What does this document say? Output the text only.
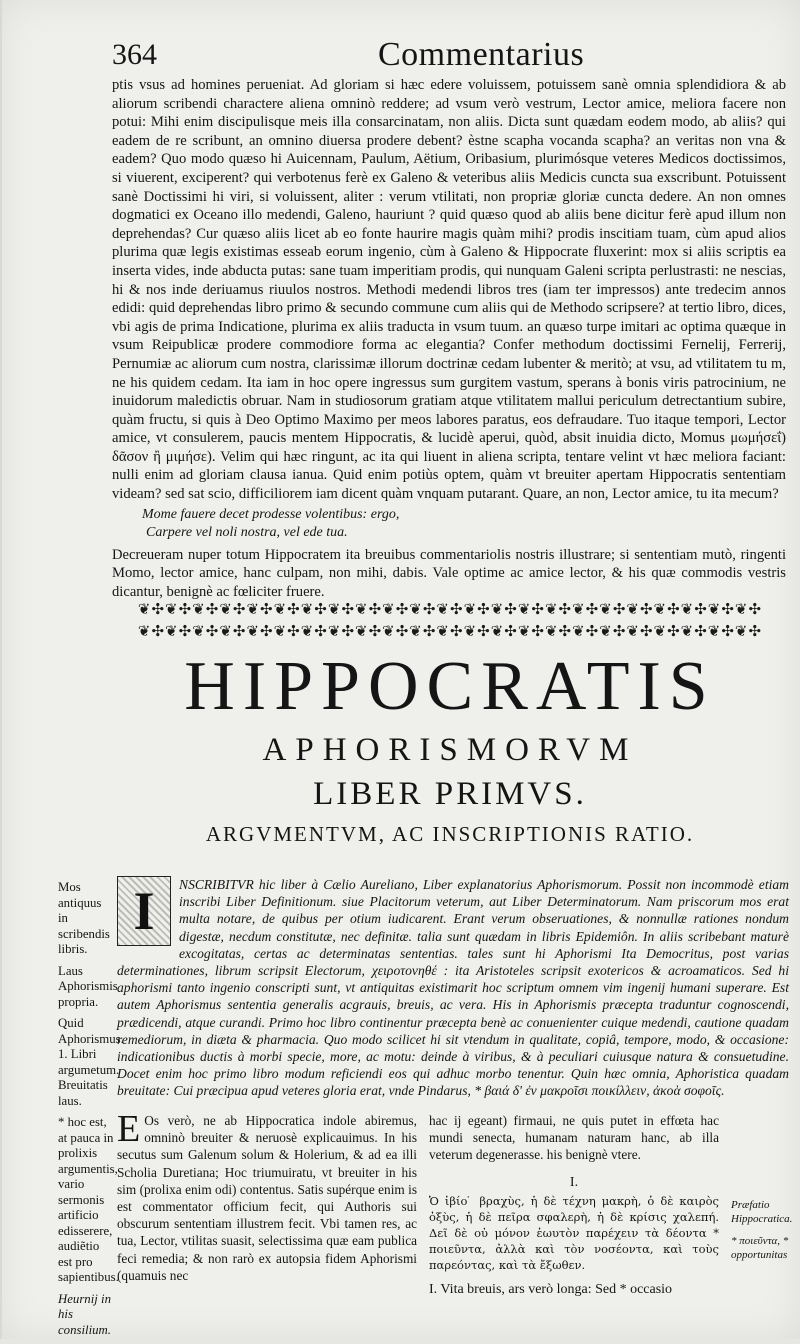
364	Commentarius

ptis vsus ad homines perueniat. Ad gloriam si hæc edere voluissem, potuissem sanè omnia splendidiora & ab aliorum scribendi charactere aliena omninò reddere; ad vsum verò vestrum, Lector amice, meliora facere non potui: Mihi enim discipulisque meis illa consarcinatam, non aliis. Dicta sunt quædam eodem modo, ab aliis? qui eadem de re scribunt, an omnino diuersa prodere debent? èstne scapha vocanda scapha? an veritas non vna & eadem? Quo modo quæso hi Auicennam, Paulum, Aëtium, Oribasium, plurimósque veteres Medicos doctissimos, si viuerent, exciperent? qui verbotenus ferè ex Galeno & veteribus aliis Medicis cuncta sua exscribunt. Potuissent sanè Doctissimi hi viri, si voluissent, aliter : verum vtilitati, non propriæ gloriæ cuncta dedere. An non omnes dogmatici ex Oceano illo medendi, Galeno, hauriunt ? quid quæso quod ab aliis bene dicitur ferè apud illum non deprehendas? Cur quæso aliis licet ab eo fonte haurire magis quàm mihi? prodis inscitiam tuam, cùm apud alios plurima quæ legis existimas esseab eorum ingenio, cùm à Galeno & Hippocrate fluxerint: mox si aliis scriptis ea inserta vides, inde abducta putas: sane tuam imperitiam prodis, qui nunquam Galeni scripta perlustrasti: ne nescias, hi & nos inde deriuamus riuulos nostros. Methodi medendi libros tres (iam ter impressos) ante tredecim annos edidi: quid deprehendas libro primo & secundo commune cum aliis qui de Methodo scripsere? at tertio libro, dices, vbi agis de prima Indicatione, plurima ex aliis traducta in vsum tuum. an quæso turpe imitari ac optima quæque in vsum Reipublicæ prodere commodiore forma ac elegantia? Confer methodum doctissimi Fernelij, Ferrerij, Pernumiæ ac aliorum cum nostra, clarissimæ illorum doctrinæ cedam lubenter & meritò; at vsu, ad vtilitatem tu m, ne his quidem cedam. Ita iam in hoc opere ingressus sum gurgitem vastum, sperans à bonis viris patrocinium, ne inuidorum maledictis obruar. Nam in studiosorum gratiam atque vtilitatem mallui periculum detrectantium subire, quàm fructu, si quis à Deo Optimo Maximo per meos labores paratus, eos defraudare. Tuo itaque tempori, Lector amice, vt consulerem, paucis mentem Hippocratis, & lucidè aperui, quòd, absit inuidia dicto, Momus μωμήσεΐ) δᾶσον ἢ μιμήσε). Velim qui hæc ringunt, ac ita qui liuent in aliena scripta, tentare velint vt hæc meliora faciant: nulli enim ad gloriam clausa ianua. Quid enim potiùs optem, quàm vt breuiter apertam Hippocratis sententiam videam? sed sat scio, difficiliorem iam dicent quàm vnquam putarant. Quare, an non, Lector amice, tu ita mecum?

Mome fauere decet prodesse volentibus: ergo,
Carpere vel noli nostra, vel ede tua.

Decreueram nuper totum Hippocratem ita breuibus commentariolis nostris illustrare; si sententiam mutò, ringenti Momo, lector amice, hanc culpam, non mihi, dabis. Vale optime ac amice lector, & his quæ commodis vestris dicantur, benignè ac fœliciter fruere.

❦✣❦✣❦✣❦✣❦✣❦✣❦✣❦✣❦✣❦✣❦✣❦✣❦✣❦✣❦✣❦✣❦✣❦✣❦✣❦✣❦✣❦✣❦✣
❦✣❦✣❦✣❦✣❦✣❦✣❦✣❦✣❦✣❦✣❦✣❦✣❦✣❦✣❦✣❦✣❦✣❦✣❦✣❦✣❦✣❦✣❦✣
HIPPOCRATIS
APHORISMORVM
LIBER PRIMVS.
ARGVMENTVM, AC INSCRIPTIONIS RATIO.
Mos antiquus in scribendis libris.
Laus Aphorismis propria.
Quid Aphorismus. 1. Libri argumetum. Breuitatis laus.
* hoc est, at pauca in prolixis argumentis, vario sermonis artificio edisserere, audiẽtio est pro sapientibus.
Heurnij in his consilium.
I	NSCRIBITVR hic liber à Cælio Aureliano, Liber explanatorius Aphorismorum. Possit non incommodè etiam inscribi Liber Definitionum. siue Placitorum veterum, aut Liber Determinatorum. Nam priscorum mos erat multa notare, de quibus per otium iudicarent. Erant verum obseruationes, & nonnullæ rationes nondum digestæ, necdum constitutæ, nec definitæ. talia sunt quædam in libris Epidemiôn. In aliis scribebant maturè excogitatas, certas ac determinatas sententias. tales sunt hi Aphorismi Ita Democritus, post varias determinationes, librum scripsit Electorum, χειροτονηθέ : ita Aristoteles scripsit exotericos & acroamaticos. Sed hi aphorismi tanto ingenio conscripti sunt, vt antiquitas existimarit hoc scriptum omnem vim ingenij humani superare. Est autem Aphorismus sententia generalis acgrauis, breuis, ac vera. His in Aphorismis præcepta traduntur cognoscendi, prædicendi, atque curandi. Primo hoc libro continentur præcepta benè ac conuenienter cuique medendi, cautione quadam remediorum, in diæta & pharmacia. Quo modo scilicet hi sit vtendum in qualitate, copiâ, tempore, modo, & occasione: indicationibus ductis à morbi specie, more, ac motu: deinde à viribus, & à peculiari cuiusque natura & consuetudine. Docet enim hoc primo libro modum reficiendi eos qui adhuc morbo tenentur. Quin hæc omnia, Aphoristica quadam breuitate: Cui præcipua apud veteres gloria erat, vnde Pindarus, * βαιά δ' ἐν μακροῖσι ποικίλλειν, ἀκοὰ σοφοῖς.
E Os verò, ne ab Hippocratica indole abiremus, omninò breuiter & neruosè explicauimus. In his secutus sum Galenum solum & Holerium, & ad ea illi Scholia Duretiana; Hoc triumuiratu, vt breuiter in his sim (prolixa enim odi) contentus. Satis supérque enim is est commentator officium fecit, qui Authoris sui obscurum sententiam illustrem fecit. Vbi tamen res, ac tua, Lector, vtilitas suasit, selectissima quæ eam publica feci remedia; & non rarò ex autopsia fidem Aphorismi (quamuis nec
hac ij egeant) firmaui, ne quis putet in effœta hac mundi senecta, humanam naturam hanc, ab illa veterum degenerasse. his benignè vtere.
I.
Ὁ ἰβίο ̇ βραχὺς, ἡ δὲ τέχνη μακρὴ, ὁ δὲ καιρὸς ὀξὺς, ἡ δὲ πεῖρα σφαλερὴ, ἡ δὲ κρίσις χαλεπή. Δεῖ δὲ οὐ μόνον ἑωυτὸν παρέχειν τὰ δέοντα * ποιεῦντα, ἀλλὰ καὶ τὸν νοσέοντα, καὶ τοὺς παρεόντας, καὶ τὰ ἔξωθεν.
I. Vita breuis, ars verò longa: Sed * occasio
Præfatio Hippocratica.
* ποιεῦντα, * opportunitas
